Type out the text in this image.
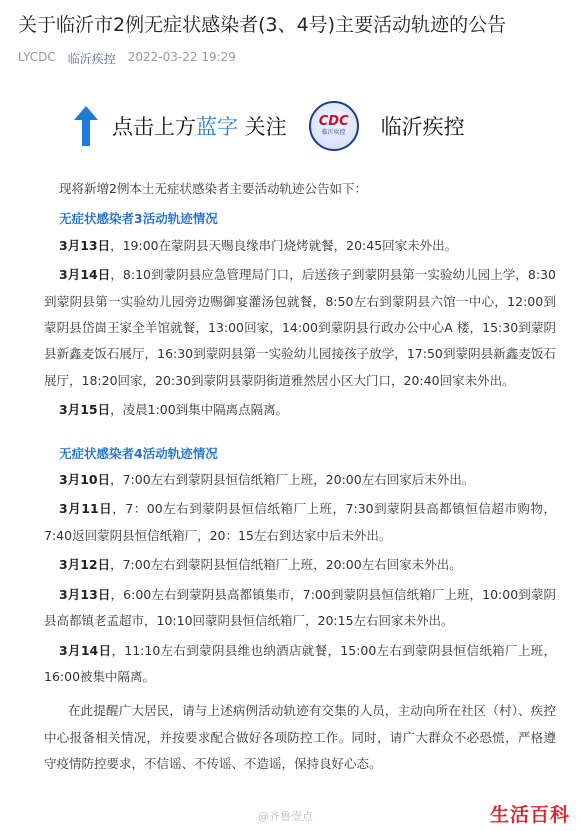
关于临沂市2例无症状感染者(3、4号)主要活动轨迹的公告
LYCDC 临沂疾控 2022-03-22 19:29
点击上方蓝字 关注 CDC
临沂疾控 临沂疾控

现将新增2例本土无症状感染者主要活动轨迹公告如下：

无症状感染者3活动轨迹情况

3月13日，19:00在蒙阴县天赐良缘串门烧烤就餐，20:45回家未外出。

3月14日，8:10到蒙阴县应急管理局门口，后送孩子到蒙阴县第一实验幼儿园上学，8:30到蒙阴县第一实验幼儿园旁边赐御宴灌汤包就餐，8:50左右到蒙阴县六馆一中心，12:00到蒙阴县岱崮王家全羊馆就餐，13:00回家，14:00到蒙阴县行政办公中心A 楼，15:30到蒙阴县新鑫麦饭石展厅，16:30到蒙阴县第一实验幼儿园接孩子放学，17:50到蒙阴县新鑫麦饭石展厅，18:20回家，20:30到蒙阴县蒙阴街道雅然居小区大门口，20:40回家未外出。

3月15日，凌晨1:00到集中隔离点隔离。

无症状感染者4活动轨迹情况

3月10日，7:00左右到蒙阴县恒信纸箱厂上班，20:00左右回家后未外出。

3月11日，7：00左右到蒙阴县恒信纸箱厂上班，7:30到蒙阴县高都镇恒信超市购物，7:40返回蒙阴县恒信纸箱厂，20：15左右到达家中后未外出。

3月12日，7:00左右到蒙阴县恒信纸箱厂上班，20:00左右回家未外出。

3月13日，6:00左右到蒙阴县高都镇集市，7:00到蒙阴县恒信纸箱厂上班，10:00到蒙阴县高都镇老孟超市，10:10回蒙阴县恒信纸箱厂，20:15左右回家未外出。

3月14日，11:10左右到蒙阴县维也纳酒店就餐，15:00左右到蒙阴县恒信纸箱厂上班，16:00被集中隔离。

在此提醒广大居民，请与上述病例活动轨迹有交集的人员，主动向所在社区（村）、疾控中心报备相关情况，并按要求配合做好各项防控工作。同时，请广大群众不必恐慌，严格遵守疫情防控要求，不信谣、不传谣、不造谣，保持良好心态。

@齐鲁壹点	生活百科
